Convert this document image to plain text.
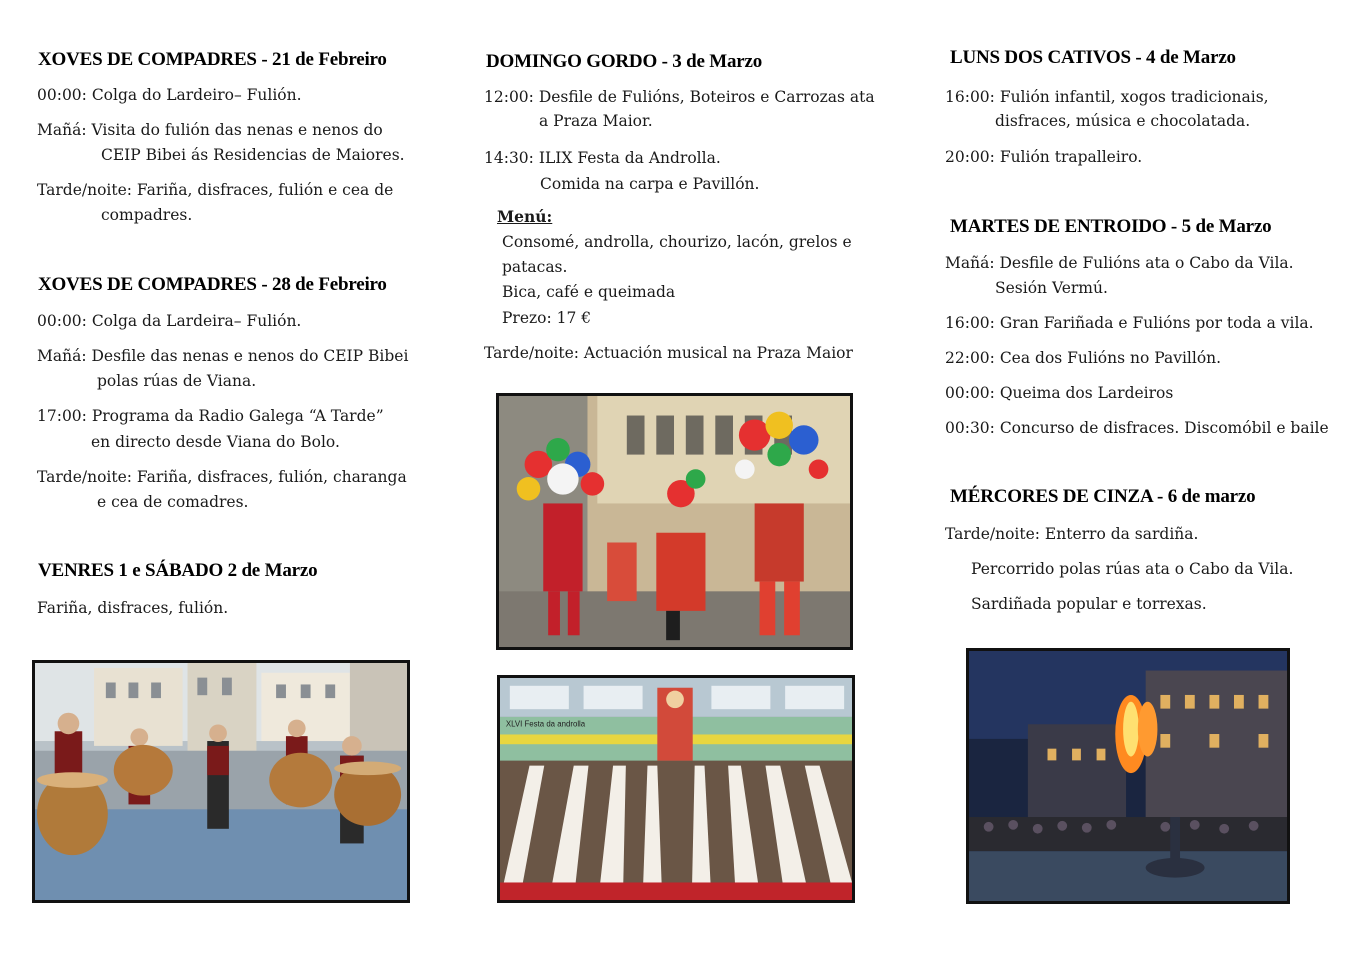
XOVES DE COMPADRES - 21 de Febreiro
00:00: Colga do Lardeiro– Fulión.
Mañá: Visita do fulión das nenas e nenos do
CEIP Bibei ás Residencias de Maiores.
Tarde/noite: Fariña, disfraces, fulión e cea de
compadres.
XOVES DE COMPADRES - 28 de Febreiro
00:00: Colga da Lardeira– Fulión.
Mañá: Desfile das nenas e nenos do CEIP Bibei
polas rúas de Viana.
17:00: Programa da Radio Galega “A Tarde”
en directo desde Viana do Bolo.
Tarde/noite: Fariña, disfraces, fulión, charanga
e cea de comadres.
VENRES 1 e SÁBADO 2 de Marzo
Fariña, disfraces, fulión.
DOMINGO GORDO - 3 de Marzo
12:00: Desfile de Fulións, Boteiros e Carrozas ata
a Praza Maior.
14:30: ILIX Festa da Androlla.
Comida na carpa e Pavillón.
Menú:
Consomé, androlla, chourizo, lacón, grelos e
patacas.
Bica, café e queimada
Prezo: 17 €
Tarde/noite: Actuación musical na Praza Maior
XLVI Festa da androlla
LUNS DOS CATIVOS - 4 de Marzo
16:00: Fulión infantil, xogos tradicionais,
disfraces, música e chocolatada.
20:00: Fulión trapalleiro.
MARTES DE ENTROIDO - 5 de Marzo
Mañá: Desfile de Fulións ata o Cabo da Vila.
Sesión Vermú.
16:00: Gran Fariñada e Fulións por toda a vila.
22:00: Cea dos Fulións no Pavillón.
00:00: Queima dos Lardeiros
00:30: Concurso de disfraces. Discomóbil e baile
MÉRCORES DE CINZA - 6 de marzo
Tarde/noite: Enterro da sardiña.
Percorrido polas rúas ata o Cabo da Vila.
Sardiñada popular e torrexas.
